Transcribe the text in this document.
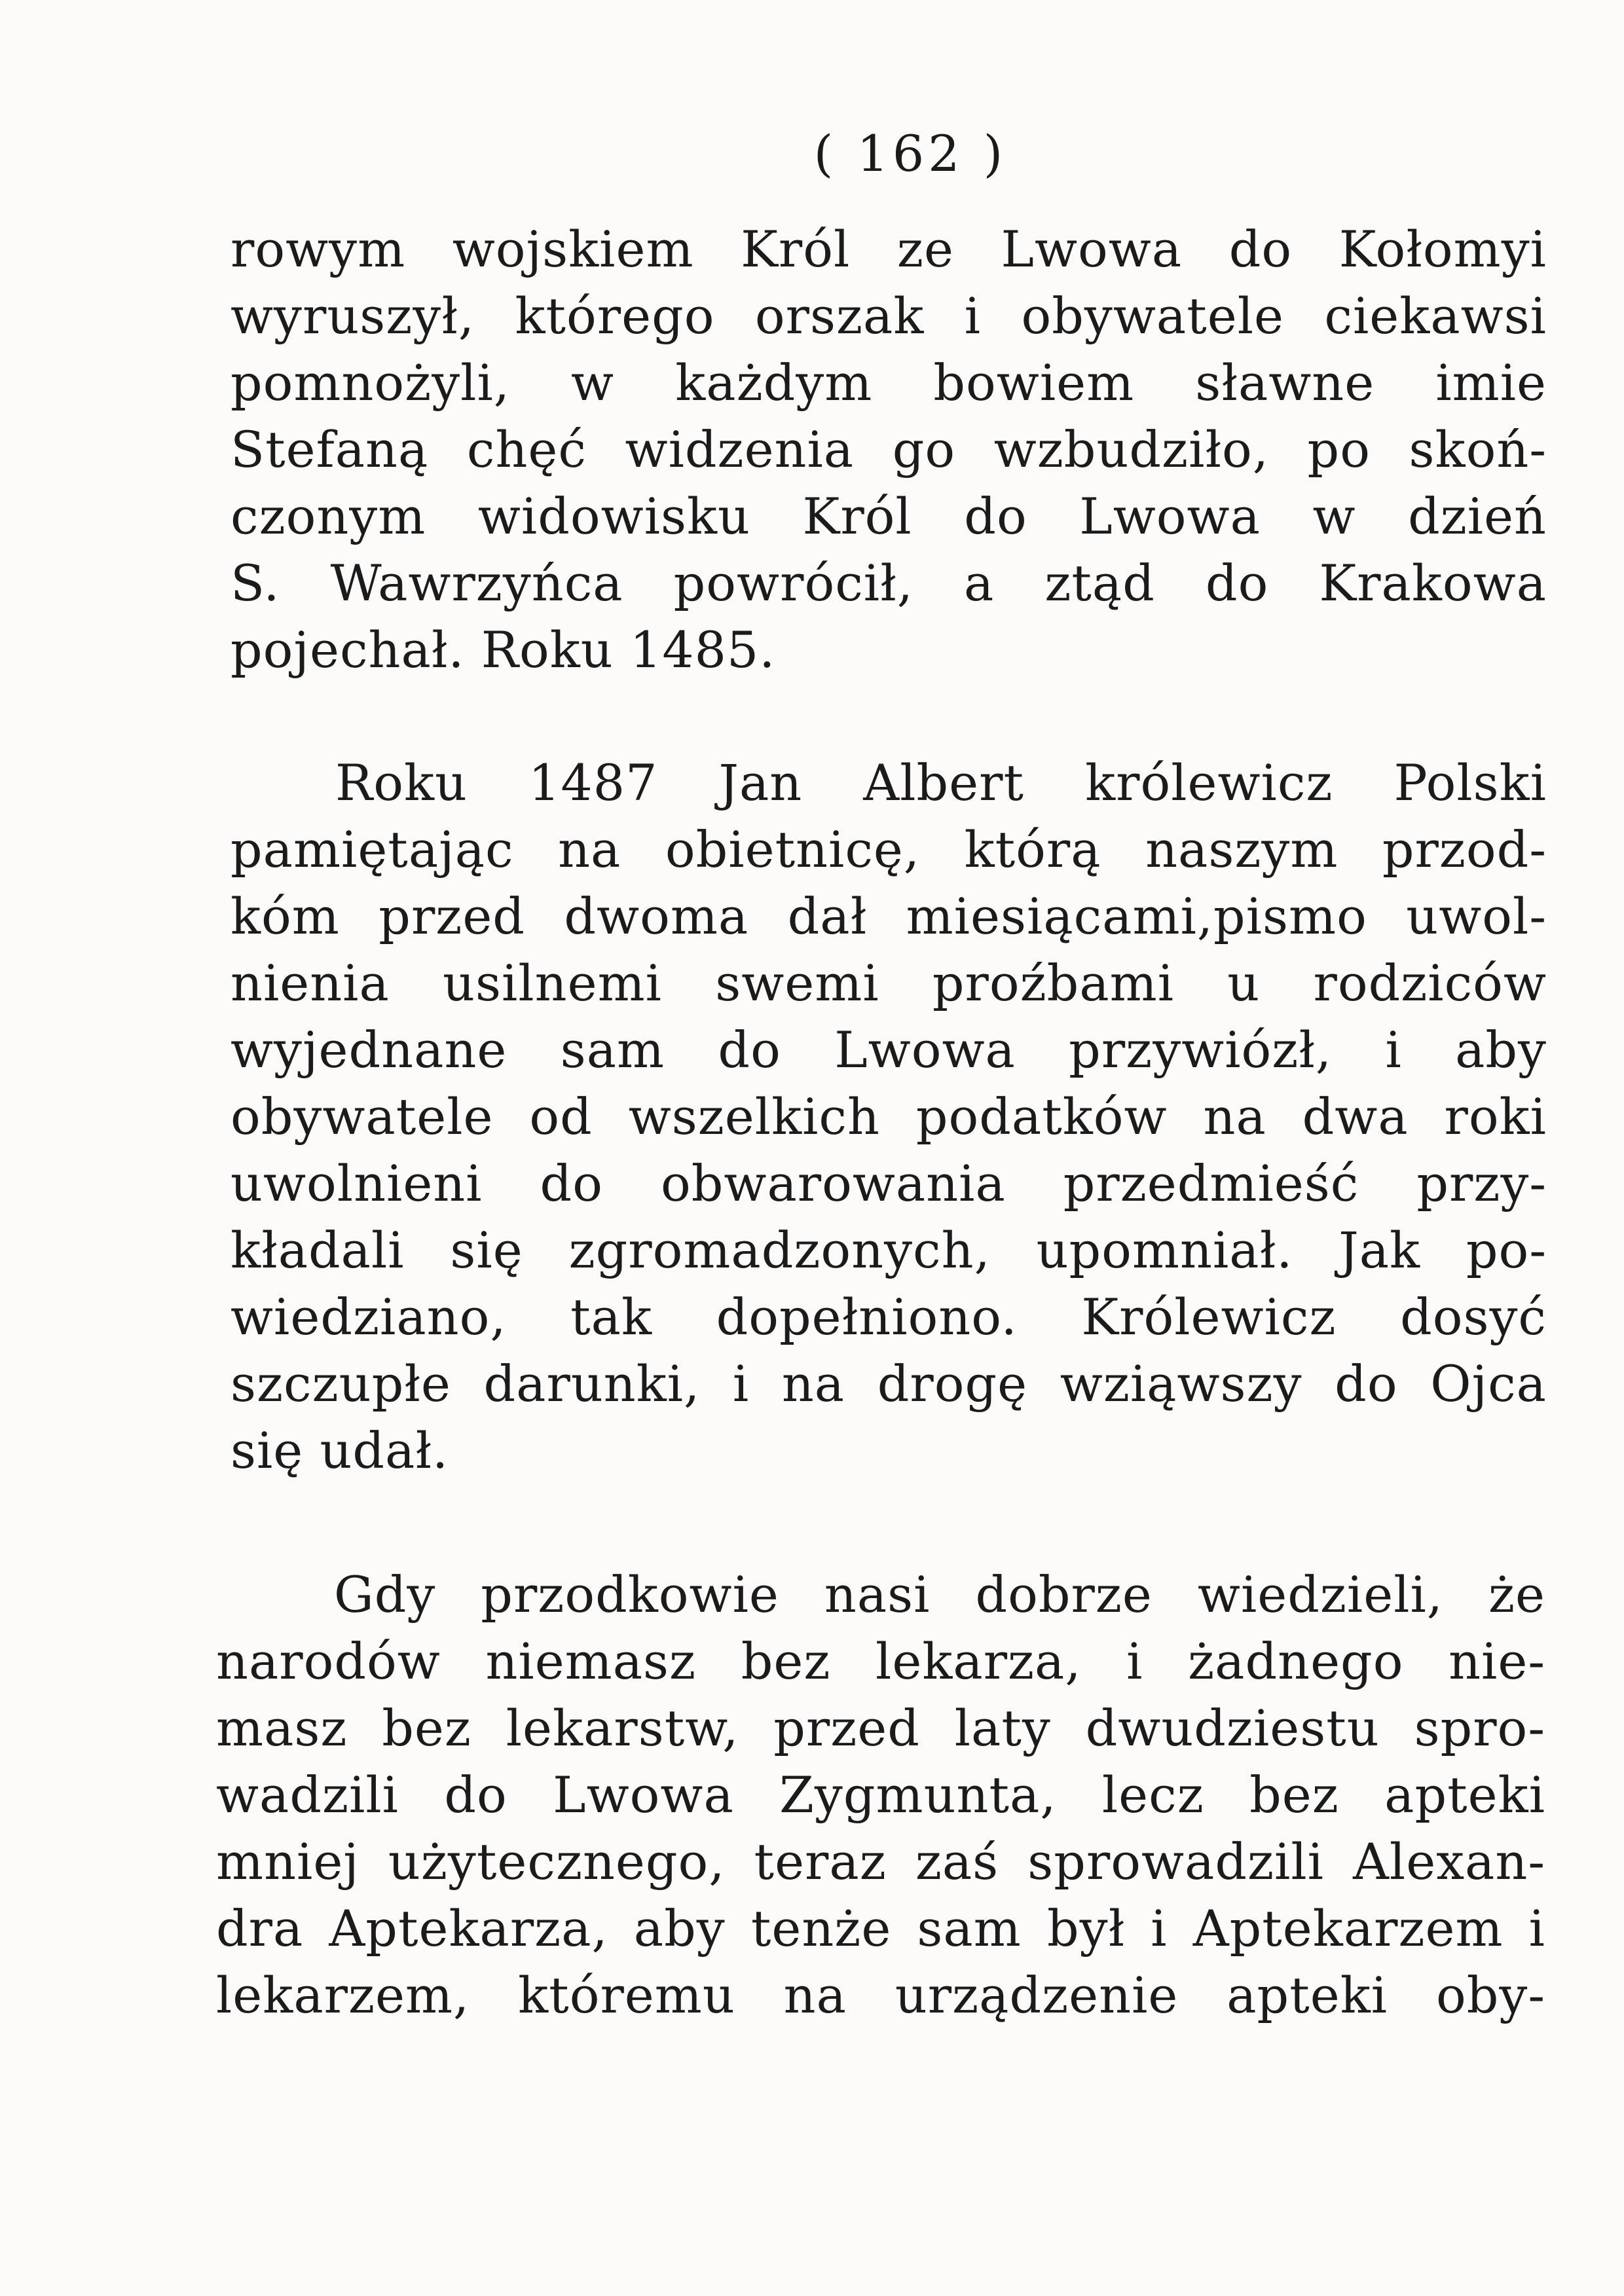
( 162 )
rowym wojskiem Król ze Lwowa do Kołomyi
wyruszył, którego orszak i obywatele ciekawsi
pomnożyli, w każdym bowiem sławne imie
Stefaną chęć widzenia go wzbudziło, po skoń-
czonym widowisku Król do Lwowa w dzień
S. Wawrzyńca powrócił, a ztąd do Krakowa
pojechał. Roku 1485.
Roku 1487 Jan Albert królewicz Polski
pamiętając na obietnicę, którą naszym przod-
kóm przed dwoma dał miesiącami,pismo uwol-
nienia usilnemi swemi proźbami u rodziców
wyjednane sam do Lwowa przywiózł, i aby
obywatele od wszelkich podatków na dwa roki
uwolnieni do obwarowania przedmieść przy-
kładali się zgromadzonych, upomniał. Jak po-
wiedziano, tak dopełniono. Królewicz dosyć
szczupłe darunki, i na drogę wziąwszy do Ojca
się udał.
Gdy przodkowie nasi dobrze wiedzieli, że
narodów niemasz bez lekarza, i żadnego nie-
masz bez lekarstw, przed laty dwudziestu spro-
wadzili do Lwowa Zygmunta, lecz bez apteki
mniej użytecznego, teraz zaś sprowadzili Alexan-
dra Aptekarza, aby tenże sam był i Aptekarzem i
lekarzem, któremu na urządzenie apteki oby-
